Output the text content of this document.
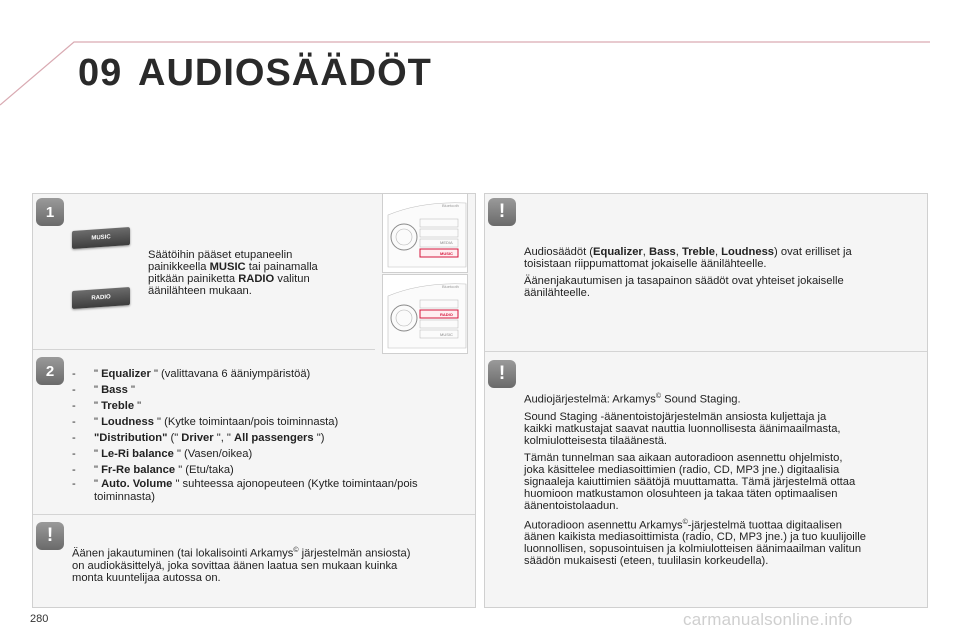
09 AUDIOSÄÄDÖT
1
MUSIC
RADIO
Säätöihin pääset etupaneelin
painikkeella MUSIC tai painamalla
pitkään painiketta RADIO valitun
äänilähteen mukaan.
Bluetooth
MUSIC
MEDIA
Bluetooth
RADIO
MUSIC
2	- " Equalizer " (valittavana 6 ääniympäristöä)
- " Bass "
- " Treble "
- " Loudness " (Kytke toimintaan/pois toiminnasta)
- "Distribution" (" Driver ", " All passengers ")
- " Le-Ri balance " (Vasen/oikea)
- " Fr-Re balance " (Etu/taka)
- " Auto. Volume " suhteessa ajonopeuteen (Kytke toimintaan/pois
toiminnasta)
!
Äänen jakautuminen (tai lokalisointi Arkamys© järjestelmän ansiosta)
on audiokäsittelyä, joka sovittaa äänen laatua sen mukaan kuinka
monta kuuntelijaa autossa on.
!
Audiosäädöt (Equalizer, Bass, Treble, Loudness) ovat erilliset ja
toisistaan riippumattomat jokaiselle äänilähteelle.
Äänenjakautumisen ja tasapainon säädöt ovat yhteiset jokaiselle
äänilähteelle.
!
Audiojärjestelmä: Arkamys© Sound Staging.
Sound Staging -äänentoistojärjestelmän ansiosta kuljettaja ja
kaikki matkustajat saavat nauttia luonnollisesta äänimaailmasta,
kolmiulotteisesta tilaäänestä.
Tämän tunnelman saa aikaan autoradioon asennettu ohjelmisto,
joka käsittelee mediasoittimien (radio, CD, MP3 jne.) digitaalisia
signaaleja kaiuttimien säätöjä muuttamatta. Tämä järjestelmä ottaa
huomioon matkustamon olosuhteen ja takaa täten optimaalisen
äänentoistolaadun.
Autoradioon asennettu Arkamys©-järjestelmä tuottaa digitaalisen
äänen kaikista mediasoittimista (radio, CD, MP3 jne.) ja tuo kuulijoille
luonnollisen, sopusointuisen ja kolmiulotteisen äänimaailman valitun
säädön mukaisesti (eteen, tuulilasin korkeudella).
280	carmanualsonline.info
